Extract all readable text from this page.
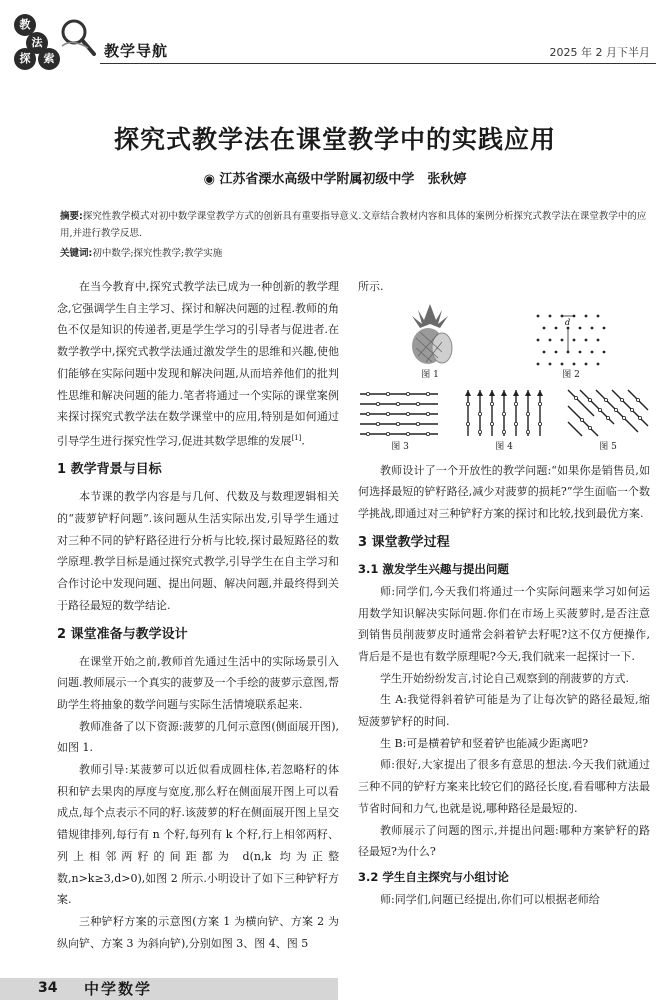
教
法
探	索	教学导航	2025 年 2 月下半月
探究式教学法在课堂教学中的实践应用
◉ 江苏省溧水高级中学附属初级中学　张秋婷
摘要:探究性教学模式对初中数学课堂教学方式的创新具有重要指导意义.文章结合教材内容和具体的案例分析探究式教学法在课堂教学中的应用,并进行教学反思.
关键词:初中数学;探究性教学;教学实施

在当今教育中,探究式教学法已成为一种创新的教学理念,它强调学生自主学习、探讨和解决问题的过程.教师的角色不仅是知识的传递者,更是学生学习的引导者与促进者.在数学教学中,探究式教学法通过激发学生的思维和兴趣,使他们能够在实际问题中发现和解决问题,从而培养他们的批判性思维和解决问题的能力.笔者将通过一个实际的课堂案例来探讨探究式教学法在数学课堂中的应用,特别是如何通过引导学生进行探究性学习,促进其数学思维的发展[1].

1 教学背景与目标

本节课的教学内容是与几何、代数及与数理逻辑相关的“菠萝铲籽问题”.该问题从生活实际出发,引导学生通过对三种不同的铲籽路径进行分析与比较,探讨最短路径的数学原理.教学目标是通过探究式教学,引导学生在自主学习和合作讨论中发现问题、提出问题、解决问题,并最终得到关于路径最短的数学结论.

2 课堂准备与教学设计

在课堂开始之前,教师首先通过生活中的实际场景引入问题.教师展示一个真实的菠萝及一个手绘的菠萝示意图,帮助学生将抽象的数学问题与实际生活情境联系起来.

教师准备了以下资源:菠萝的几何示意图(侧面展开图),如图 1.

教师引导:某菠萝可以近似看成圆柱体,若忽略籽的体积和铲去果肉的厚度与宽度,那么籽在侧面展开图上可以看成点,每个点表示不同的籽.该菠萝的籽在侧面展开图上呈交错规律排列,每行有 n 个籽,每列有 k 个籽,行上相邻两籽、列上相邻两籽的间距都为 d(n,k 均为正整数,n>k≥3,d>0),如图 2 所示.小明设计了如下三种铲籽方案.

三种铲籽方案的示意图(方案 1 为横向铲、方案 2 为纵向铲、方案 3 为斜向铲),分别如图 3、图 4、图 5

所示.

图 1
d
图 2
图 3	图 4	图 5

教师设计了一个开放性的教学问题:“如果你是销售员,如何选择最短的铲籽路径,减少对菠萝的损耗?”学生面临一个数学挑战,即通过对三种铲籽方案的探讨和比较,找到最优方案.

3 课堂教学过程
3.1 激发学生兴趣与提出问题

师:同学们,今天我们将通过一个实际问题来学习如何运用数学知识解决实际问题.你们在市场上买菠萝时,是否注意到销售员削菠萝皮时通常会斜着铲去籽呢?这不仅方便操作,背后是不是也有数学原理呢?今天,我们就来一起探讨一下.

学生开始纷纷发言,讨论自己观察到的削菠萝的方式.

生 A:我觉得斜着铲可能是为了让每次铲的路径最短,缩短菠萝铲籽的时间.

生 B:可是横着铲和竖着铲也能减少距离吧?

师:很好,大家提出了很多有意思的想法.今天我们就通过三种不同的铲籽方案来比较它们的路径长度,看看哪种方法最节省时间和力气,也就是说,哪种路径是最短的.

教师展示了问题的图示,并提出问题:哪种方案铲籽的路径最短?为什么?

3.2 学生自主探究与小组讨论

师:同学们,问题已经提出,你们可以根据老师给

34 中学数学
